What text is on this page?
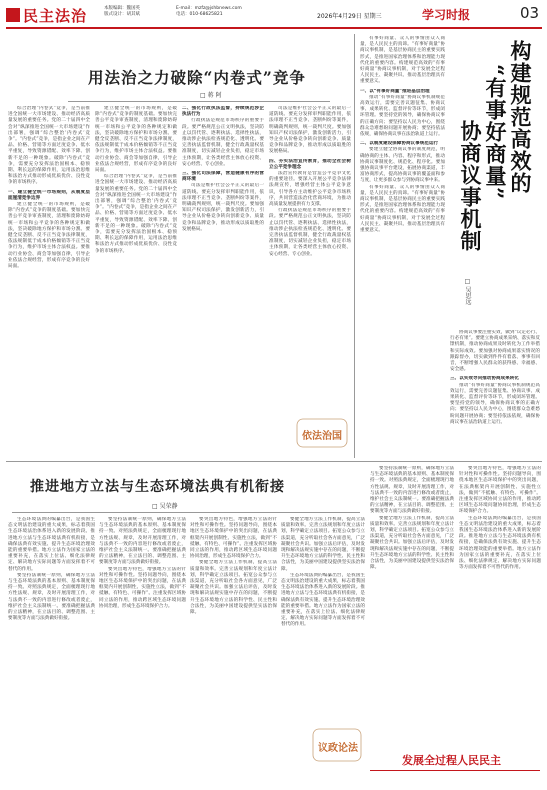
民主法治	本版编辑：魏国英
版式设计：胡其斌
E-mail：mzfz@jshbnews.com
电话：010-68625821	2026年4月29日 星期三	学习时报	03
用法治之力破除“内卷式”竞争
□ 蒋 阿
综合治理“内卷式”竞争，是当前推进全国统一大市场建设、推动经济高质量发展的重要任务。党的二十届四中全会对“纵深推进全国统一大市场建设”作出部署，强调“综合整治‘内卷式’竞争”。“内卷式”竞争，是指企业之间在产品、价格、营销等方面过度竞争、低水平重复，导致资源错配、效率下降、创新不足的一种现象。破除“内卷式”竞争，需要充分发挥法治固根本、稳预期、利长远的保障作用，运用法治思维和法治方式推动形成优质优价、良性竞争的市场秩序。
一、建立健全统一市场规则，从制度层面厘清竞争边界
建立健全统一的市场规则，是破除“内卷式”竞争的制度基础。要加快完善公平竞争审查制度，清理和废除妨碍统一市场和公平竞争的各种规定和做法，坚决破除地方保护和市场分割。要健全反垄断、反不正当竞争法律制度，依法规制低于成本价格倾销等不正当竞争行为，维护市场主体合法权益。要推动行业协会、商会等加强自律，引导企业依法合规经营，形成有序竞争的良好局面。
建立健全统一的市场规则，是破除“内卷式”竞争的制度基础。要加快完善公平竞争审查制度，清理和废除妨碍统一市场和公平竞争的各种规定和做法，坚决破除地方保护和市场分割。要健全反垄断、反不正当竞争法律制度，依法规制低于成本价格倾销等不正当竞争行为，维护市场主体合法权益。要推动行业协会、商会等加强自律，引导企业依法合规经营，形成有序竞争的良好局面。
综合治理“内卷式”竞争，是当前推进全国统一大市场建设、推动经济高质量发展的重要任务。党的二十届四中全会对“纵深推进全国统一大市场建设”作出部署，强调“综合整治‘内卷式’竞争”。“内卷式”竞争，是指企业之间在产品、价格、营销等方面过度竞争、低水平重复，导致资源错配、效率下降、创新不足的一种现象。破除“内卷式”竞争，需要充分发挥法治固根本、稳预期、利长远的保障作用，运用法治思维和法治方式推动形成优质优价、良性竞争的市场秩序。
二、强化行政执法监督，持续规范涉企执法行为
行政执法是规范市场秩序的重要手段。要严格规范公正文明执法，坚决防止以罚代管、逐利执法、选择性执法，推动涉企执法检查规范化、透明化。要完善执法监督机制，健全行政裁量权基准制度，切实减轻企业负担，稳定市场主体预期，让各类经营主体放心投资、安心经营、专心创业。
三、强化司法保障，营造健康有序的营商环境
司法是维护社会公平正义的最后一道防线。要充分发挥审判职能作用，依法审理不正当竞争、垄断纠纷等案件，明确裁判规则，统一裁判尺度。要加强知识产权司法保护，激发创新活力，引导企业从价格竞争转向创新竞争、质量竞争和品牌竞争，推动形成以质取胜的发展格局。
司法是维护社会公平正义的最后一道防线。要充分发挥审判职能作用，依法审理不正当竞争、垄断纠纷等案件，明确裁判规则，统一裁判尺度。要加强知识产权司法保护，激发创新活力，引导企业从价格竞争转向创新竞争、质量竞争和品牌竞争，推动形成以质取胜的发展格局。
四、夯实法治宣传教育，推动全社会树立公平竞争理念
法治宣传教育是营造公平竞争文化的重要途径。要深入开展公平竞争法律法规宣传，增强经营主体公平竞争意识，引导各方主动维护公平竞争市场秩序，共同营造法治化营商环境，为推动高质量发展提供有力支撑。
行政执法是规范市场秩序的重要手段。要严格规范公正文明执法，坚决防止以罚代管、逐利执法、选择性执法，推动涉企执法检查规范化、透明化。要完善执法监督机制，健全行政裁量权基准制度，切实减轻企业负担，稳定市场主体预期，让各类经营主体放心投资、安心经营、专心创业。
依法治国
构建规范高效的
“有事好商量”
协商议事机制
□ 吴思远
有事好商量、众人的事情由众人商量，是人民民主的真谛。“有事好商量”协商议事机制，是基层协商民主的重要实践形式，是推进国家治理体系和治理能力现代化的重要内容。构建规范高效的“有事好商量”协商议事机制，对于发展全过程人民民主、凝聚共识、推动基层治理具有重要意义。
一、以“有事好商量”推进基层治理
推动“有事好商量”协商议事机制规范高效运行，需要完善议题征集、协商议事、成果转化、监督评价等环节，形成闭环管理。要坚持党的领导，确保协商议事的正确方向；要坚持以人民为中心，围绕群众急难愁盼问题开展协商；要坚持依法依规，确保协商议事在法治轨道上运行。
二、以制度建设保障协商议事规范运行
要建立健全协商议事的制度规范，明确协商的主体、内容、程序和形式，推动协商议事制度化、规范化、程序化。要加强协商议事平台建设，拓展协商渠道，丰富协商形式，提高协商议事的覆盖面和参与度，让更多群众参与到协商议事中来。
有事好商量、众人的事情由众人商量，是人民民主的真谛。“有事好商量”协商议事机制，是基层协商民主的重要实践形式，是推进国家治理体系和治理能力现代化的重要内容。构建规范高效的“有事好商量”协商议事机制，对于发展全过程人民民主、凝聚共识、推动基层治理具有重要意义。
协商议事要注重实效，做到“议定必行、行必有果”。要建立协商成果采纳、落实和反馈机制，推动协商成果及时转化为工作举措和实际成效。要加强对协商成果落实情况的跟踪督办，切实做到件件有着落、事事有回音，不断增强人民群众的获得感、幸福感、安全感。
三、以实效导向推动协商成果转化
推动“有事好商量”协商议事机制规范高效运行，需要完善议题征集、协商议事、成果转化、监督评价等环节，形成闭环管理。要坚持党的领导，确保协商议事的正确方向；要坚持以人民为中心，围绕群众急难愁盼问题开展协商；要坚持依法依规，确保协商议事在法治轨道上运行。
推进地方立法与生态环境法典有机衔接
□ 吴荣静
生态环境法典的编纂出台，是我国生态文明法治建设的重大成果，标志着我国生态环境法治体系进入新的发展阶段。推进地方立法与生态环境法典有机衔接，是确保法典有效实施、提升生态环境治理效能的重要举措。地方立法作为国家立法的重要补充，在落实上位法、细化法律规定、解决地方实际问题等方面发挥着不可替代的作用。
要坚持法制统一原则，确保地方立法与生态环境法典的基本原则、基本制度保持一致。对照法典规定，全面梳理现行地方性法规、规章，及时开展清理工作，对与法典不一致的内容进行修改或者废止，维护社会主义法制统一。要准确把握法典的立法精神，在立法目的、调整范围、主要制度等方面与法典做好衔接。
要坚持法制统一原则，确保地方立法与生态环境法典的基本原则、基本制度保持一致。对照法典规定，全面梳理现行地方性法规、规章，及时开展清理工作，对与法典不一致的内容进行修改或者废止，维护社会主义法制统一。要准确把握法典的立法精神，在立法目的、调整范围、主要制度等方面与法典做好衔接。
要突出地方特色，增强地方立法的针对性和可操作性。坚持问题导向，围绕本地区生态环境保护中的突出问题，在法典框架内开展创制性、实施性立法，做到“不抵触、有特色、可操作”。注重发挥区域协同立法的作用，推动跨区域生态环境问题协同治理，形成生态环境保护合力。
要突出地方特色，增强地方立法的针对性和可操作性。坚持问题导向，围绕本地区生态环境保护中的突出问题，在法典框架内开展创制性、实施性立法，做到“不抵触、有特色、可操作”。注重发挥区域协同立法的作用，推动跨区域生态环境问题协同治理，形成生态环境保护合力。
要健全地方立法工作机制，提高立法质量和效率。完善立法规划和年度立法计划，科学确定立法项目。拓宽公众参与立法渠道，充分听取社会各方面意见，广泛凝聚社会共识。加强立法后评估，及时发现和解决法规实施中存在的问题，不断提升生态环境地方立法的科学性、民主性和合法性，为美丽中国建设提供坚实法治保障。
要健全地方立法工作机制，提高立法质量和效率。完善立法规划和年度立法计划，科学确定立法项目。拓宽公众参与立法渠道，充分听取社会各方面意见，广泛凝聚社会共识。加强立法后评估，及时发现和解决法规实施中存在的问题，不断提升生态环境地方立法的科学性、民主性和合法性，为美丽中国建设提供坚实法治保障。
生态环境法典的编纂出台，是我国生态文明法治建设的重大成果，标志着我国生态环境法治体系进入新的发展阶段。推进地方立法与生态环境法典有机衔接，是确保法典有效实施、提升生态环境治理效能的重要举措。地方立法作为国家立法的重要补充，在落实上位法、细化法律规定、解决地方实际问题等方面发挥着不可替代的作用。
要坚持法制统一原则，确保地方立法与生态环境法典的基本原则、基本制度保持一致。对照法典规定，全面梳理现行地方性法规、规章，及时开展清理工作，对与法典不一致的内容进行修改或者废止，维护社会主义法制统一。要准确把握法典的立法精神，在立法目的、调整范围、主要制度等方面与法典做好衔接。
要健全地方立法工作机制，提高立法质量和效率。完善立法规划和年度立法计划，科学确定立法项目。拓宽公众参与立法渠道，充分听取社会各方面意见，广泛凝聚社会共识。加强立法后评估，及时发现和解决法规实施中存在的问题，不断提升生态环境地方立法的科学性、民主性和合法性，为美丽中国建设提供坚实法治保障。
要突出地方特色，增强地方立法的针对性和可操作性。坚持问题导向，围绕本地区生态环境保护中的突出问题，在法典框架内开展创制性、实施性立法，做到“不抵触、有特色、可操作”。注重发挥区域协同立法的作用，推动跨区域生态环境问题协同治理，形成生态环境保护合力。
生态环境法典的编纂出台，是我国生态文明法治建设的重大成果，标志着我国生态环境法治体系进入新的发展阶段。推进地方立法与生态环境法典有机衔接，是确保法典有效实施、提升生态环境治理效能的重要举措。地方立法作为国家立法的重要补充，在落实上位法、细化法律规定、解决地方实际问题等方面发挥着不可替代的作用。
议政论法
发展全过程人民民主
